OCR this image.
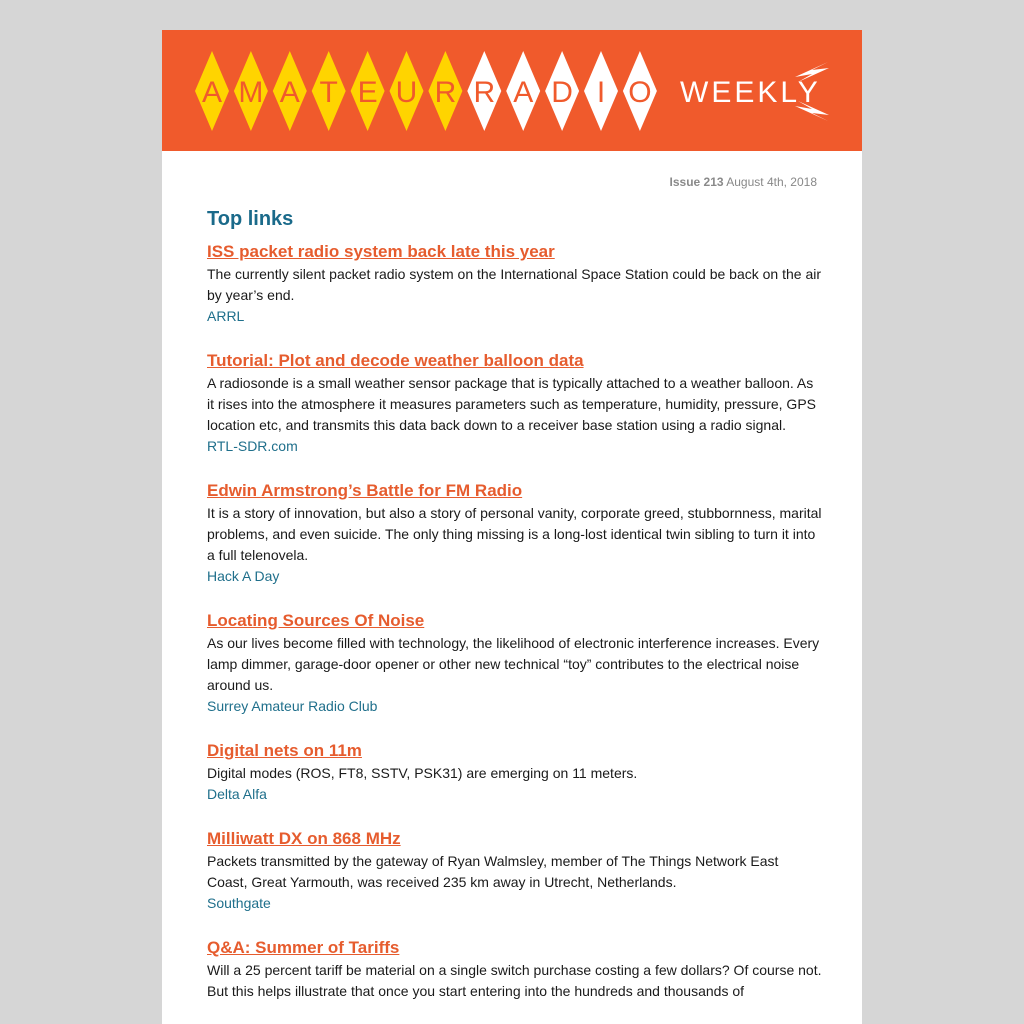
A M A T E U R R A D I O WEEKLY
Issue 213 August 4th, 2018
Top links
ISS packet radio system back late this year
The currently silent packet radio system on the International Space Station could be back on the air by year’s end.
ARRL
Tutorial: Plot and decode weather balloon data
A radiosonde is a small weather sensor package that is typically attached to a weather balloon. As it rises into the atmosphere it measures parameters such as temperature, humidity, pressure, GPS location etc, and transmits this data back down to a receiver base station using a radio signal.
RTL-SDR.com
Edwin Armstrong’s Battle for FM Radio
It is a story of innovation, but also a story of personal vanity, corporate greed, stubbornness, marital problems, and even suicide. The only thing missing is a long-lost identical twin sibling to turn it into a full telenovela.
Hack A Day
Locating Sources Of Noise
As our lives become filled with technology, the likelihood of electronic interference increases. Every lamp dimmer, garage-door opener or other new technical “toy” contributes to the electrical noise around us.
Surrey Amateur Radio Club
Digital nets on 11m
Digital modes (ROS, FT8, SSTV, PSK31) are emerging on 11 meters.
Delta Alfa
Milliwatt DX on 868 MHz
Packets transmitted by the gateway of Ryan Walmsley, member of The Things Network East Coast, Great Yarmouth, was received 235 km away in Utrecht, Netherlands.
Southgate
Q&A: Summer of Tariffs
Will a 25 percent tariff be material on a single switch purchase costing a few dollars? Of course not. But this helps illustrate that once you start entering into the hundreds and thousands of
